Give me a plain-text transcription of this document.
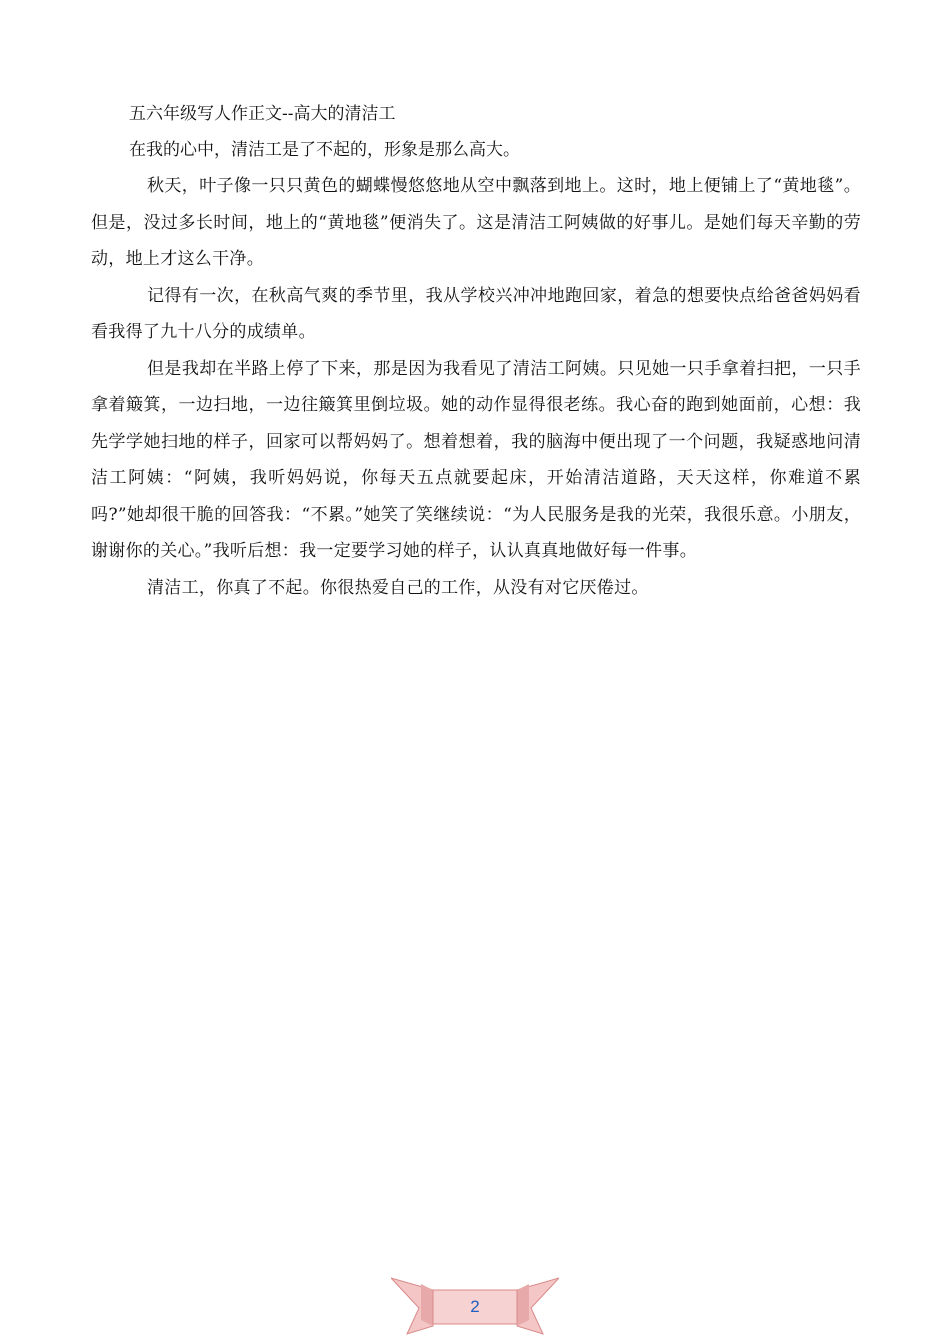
五六年级写人作正文--高大的清洁工

在我的心中，清洁工是了不起的，形象是那么高大。

秋天，叶子像一只只黄色的蝴蝶慢悠悠地从空中飘落到地上。这时，地上便铺上了“黄地毯”。但是，没过多长时间，地上的“黄地毯”便消失了。这是清洁工阿姨做的好事儿。是她们每天辛勤的劳动，地上才这么干净。

记得有一次，在秋高气爽的季节里，我从学校兴冲冲地跑回家，着急的想要快点给爸爸妈妈看看我得了九十八分的成绩单。

但是我却在半路上停了下来，那是因为我看见了清洁工阿姨。只见她一只手拿着扫把，一只手拿着簸箕，一边扫地，一边往簸箕里倒垃圾。她的动作显得很老练。我心奋的跑到她面前，心想：我先学学她扫地的样子，回家可以帮妈妈了。想着想着，我的脑海中便出现了一个问题，我疑惑地问清洁工阿姨：“阿姨，我听妈妈说，你每天五点就要起床，开始清洁道路，天天这样，你难道不累吗?”她却很干脆的回答我：“不累。”她笑了笑继续说：“为人民服务是我的光荣，我很乐意。小朋友，谢谢你的关心。”我听后想：我一定要学习她的样子，认认真真地做好每一件事。

清洁工，你真了不起。你很热爱自己的工作，从没有对它厌倦过。

2
